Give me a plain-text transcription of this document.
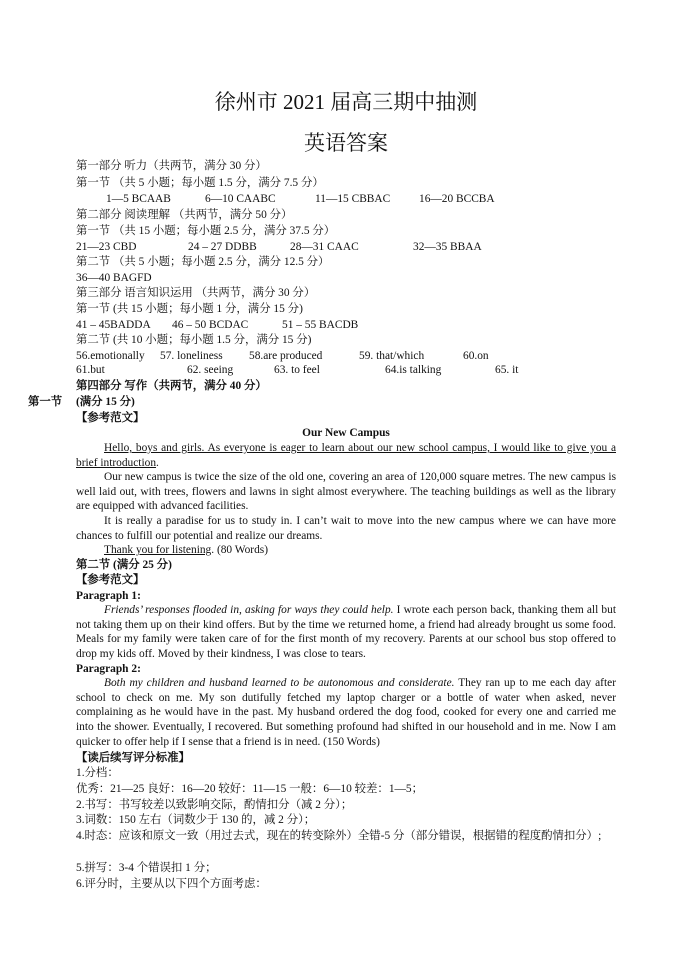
徐州市 2021 届高三期中抽测
英语答案
第一部分 听力（共两节，满分 30 分）
第一节 （共 5 小题；每小题 1.5 分，满分 7.5 分）
1—5 BCAAB	6—10 CAABC	11—15 CBBAC	16—20 BCCBA
第二部分 阅读理解 （共两节，满分 50 分）
第一节 （共 15 小题；每小题 2.5 分，满分 37.5 分）
21—23 CBD	24 – 27 DDBB	28—31 CAAC	32—35 BBAA
第二节 （共 5 小题；每小题 2.5 分，满分 12.5 分）
36—40 BAGFD
第三部分 语言知识运用 （共两节，满分 30 分）
第一节 (共 15 小题；每小题 1 分，满分 15 分)
41 – 45BADDA 46 – 50 BCDAC	51 – 55 BACDB
第二节 (共 10 小题；每小题 1.5 分，满分 15 分)
56.emotionally 57. loneliness 58.are produced	59. that/which	60.on
61.but	62. seeing	63. to feel	64.is talking	65. it
第四部分 写作（共两节，满分 40 分）
第一节 (满分 15 分)
【参考范文】
Our New Campus
Hello, boys and girls. As everyone is eager to learn about our new school campus, I would like to give you a brief introduction.
Our new campus is twice the size of the old one, covering an area of 120,000 square metres. The new campus is well laid out, with trees, flowers and lawns in sight almost everywhere. The teaching buildings as well as the library are equipped with advanced facilities.
It is really a paradise for us to study in. I can’t wait to move into the new campus where we can have more chances to fulfill our potential and realize our dreams.
Thank you for listening. (80 Words)
第二节 (满分 25 分)
【参考范文】
Paragraph 1:
Friends’ responses flooded in, asking for ways they could help. I wrote each person back, thanking them all but not taking them up on their kind offers. But by the time we returned home, a friend had already brought us some food. Meals for my family were taken care of for the first month of my recovery. Parents at our school bus stop offered to drop my kids off. Moved by their kindness, I was close to tears.
Paragraph 2:
Both my children and husband learned to be autonomous and considerate. They ran up to me each day after school to check on me. My son dutifully fetched my laptop charger or a bottle of water when asked, never complaining as he would have in the past. My husband ordered the dog food, cooked for every one and carried me into the shower. Eventually, I recovered. But something profound had shifted in our household and in me. Now I am quicker to offer help if I sense that a friend is in need. (150 Words)
【读后续写评分标准】
1.分档：
优秀：21—25 良好：16—20 较好：11—15 一般：6—10 较差：1—5；
2.书写：书写较差以致影响交际，酌情扣分（减 2 分）；
3.词数：150 左右（词数少于 130 的，减 2 分）；
4.时态：应该和原文一致（用过去式，现在的转变除外）全错-5 分（部分错误，根据错的程度酌情扣分）;
5.拼写：3-4 个错误扣 1 分；
6.评分时，主要从以下四个方面考虑：
